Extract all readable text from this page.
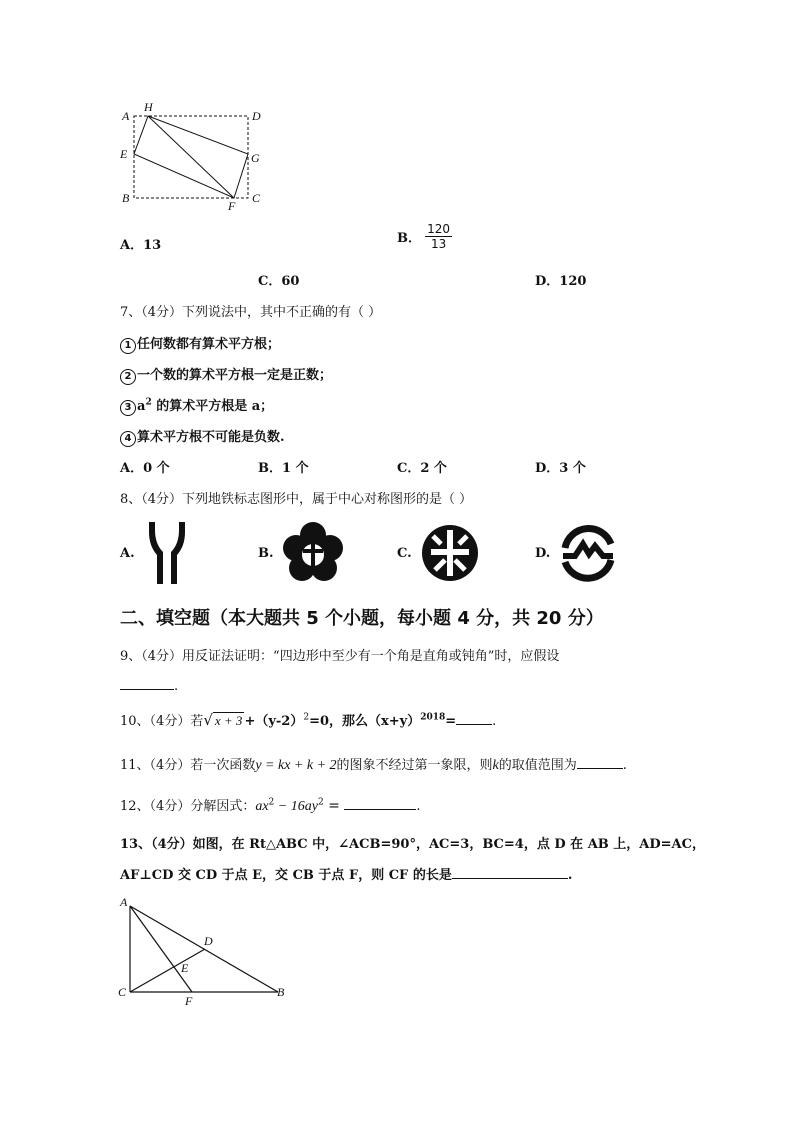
A
H
D
E	G
B
F
C
A．13	B． $\frac{120}{13}$
C．60	D．120
7、（4分）下列说法中，其中不正确的有（ ）
1 任何数都有算术平方根；
2 一个数的算术平方根一定是正数；
3 $a^2$ 的算术平方根是 a；
4 算术平方根不可能是负数.
A．0 个	B．1 个	C．2 个	D．3 个
8、（4分）下列地铁标志图形中，属于中心对称图形的是（ ）
A.	B.	C.	D.
二、填空题（本大题共 5 个小题，每小题 4 分，共 20 分）
9、（4分）用反证法证明：“四边形中至少有一个角是直角或钝角”时，应假设
.
10、（4分）若√ $x + 3 +(y-2)^2=0$，那么$(x+y)^{2018}=$	.
11、（4分）若一次函数y = kx + k + 2的图象不经过第一象限，则k的取值范围为	.
12、（4分）分解因式：$ax^2 - 16ay^2$ =	.
13、（4分）如图，在 Rt△ABC 中，∠ACB=90°，AC=3，BC=4，点 D 在 AB 上，AD=AC，
AF⊥CD 交 CD 于点 E，交 CB 于点 F，则 CF 的长是	.
A
D
E
C
F
B
